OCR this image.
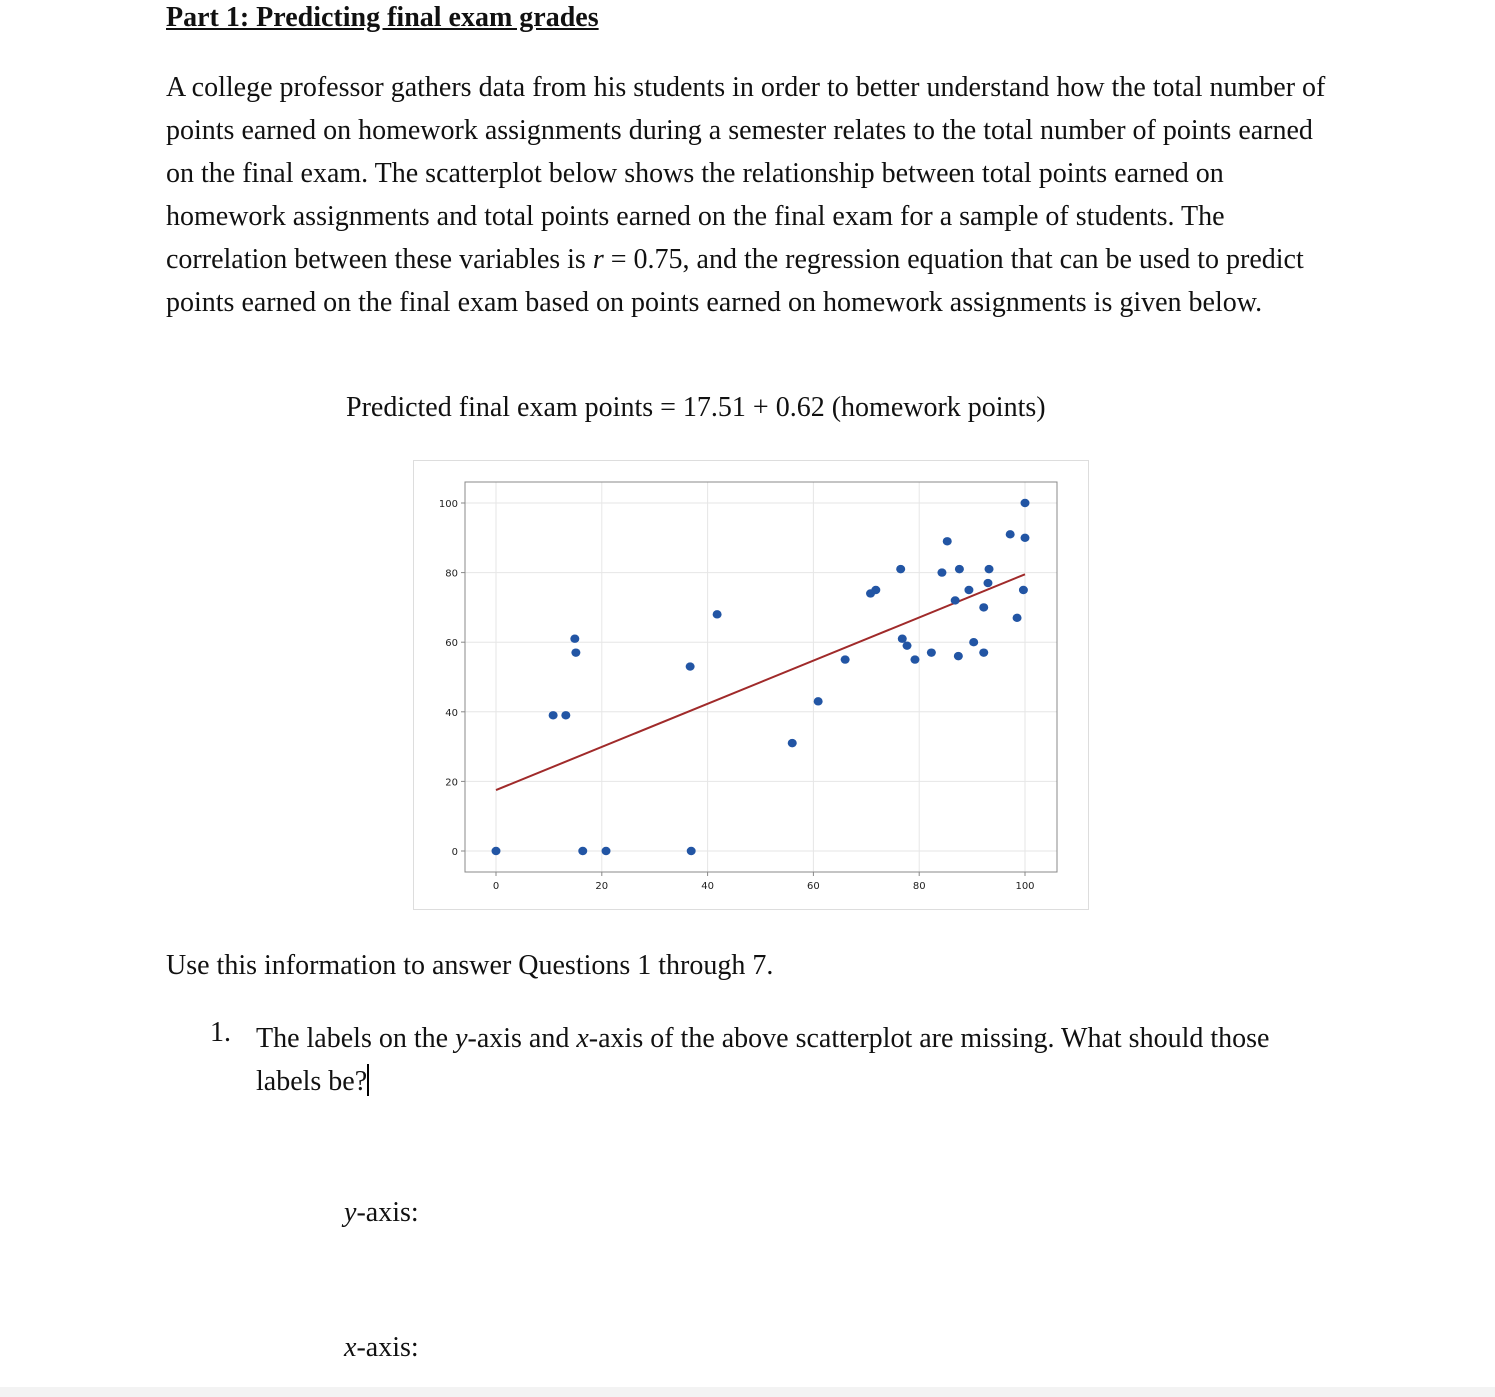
Part 1: Predicting final exam grades
A college professor gathers data from his students in order to better understand how the total number of points earned on homework assignments during a semester relates to the total number of points earned on the final exam. The scatterplot below shows the relationship between total points earned on homework assignments and total points earned on the final exam for a sample of students. The correlation between these variables is r = 0.75, and the regression equation that can be used to predict points earned on the final exam based on points earned on homework assignments is given below.
Predicted final exam points = 17.51 + 0.62 (homework points)
0	20	40	60	80	100
0
20
40
60
80
100
Use this information to answer Questions 1 through 7.
1. The labels on the y-axis and x-axis of the above scatterplot are missing. What should those labels be?
y-axis:
x-axis:
